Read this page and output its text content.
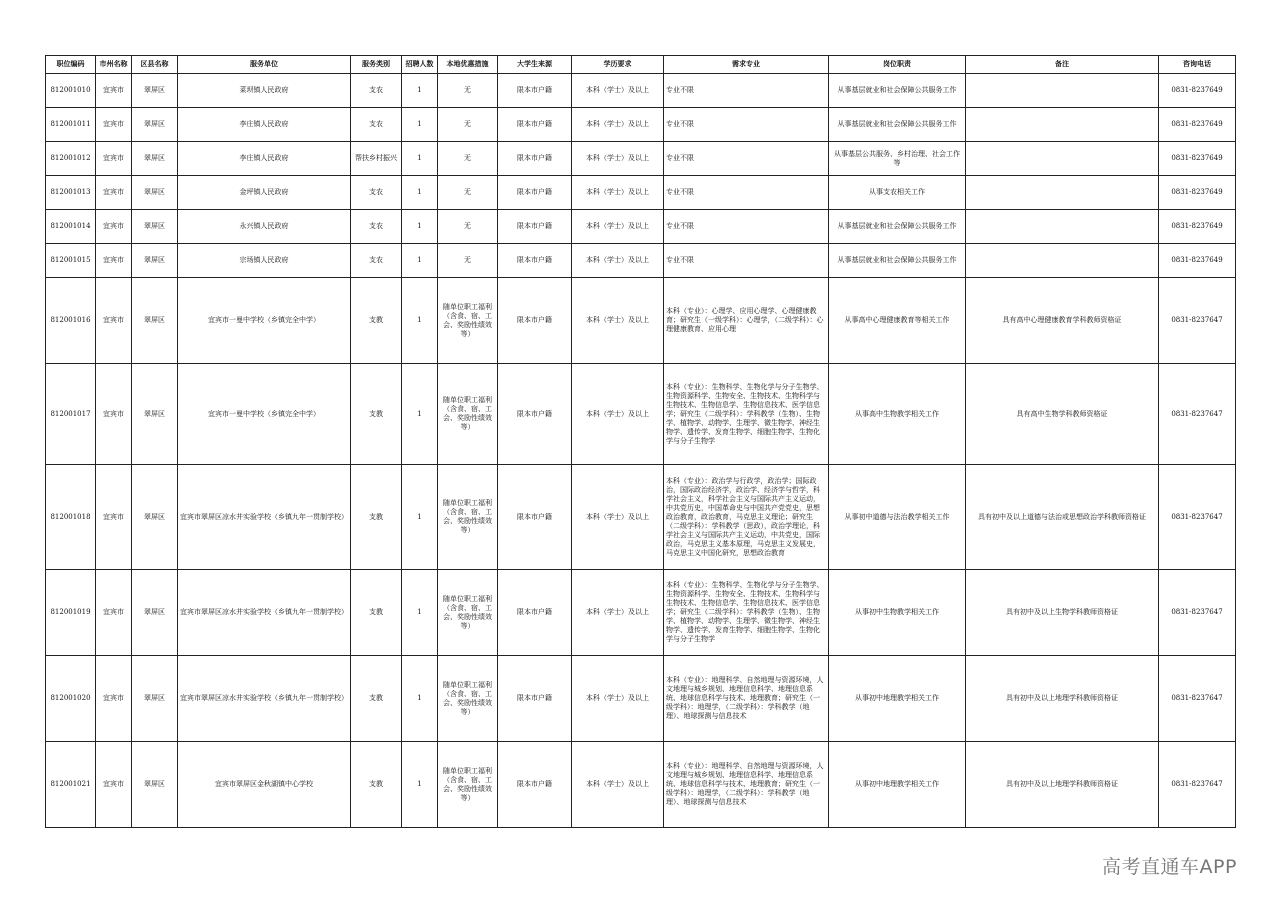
职位编码	市州名称	区县名称	服务单位	服务类别	招聘人数	本地优惠措施	大学生来源	学历要求	需求专业	岗位职责	备注	咨询电话
812001010	宜宾市	翠屏区	菜坝镇人民政府	支农	1	无	限本市户籍	本科（学士）及以上	专业不限	从事基层就业和社会保障公共服务工作		0831-8237649
812001011	宜宾市	翠屏区	李庄镇人民政府	支农	1	无	限本市户籍	本科（学士）及以上	专业不限	从事基层就业和社会保障公共服务工作		0831-8237649
812001012	宜宾市	翠屏区	李庄镇人民政府	帮扶乡村振兴	1	无	限本市户籍	本科（学士）及以上	专业不限	从事基层公共服务、乡村治理、社会工作等		0831-8237649
812001013	宜宾市	翠屏区	金坪镇人民政府	支农	1	无	限本市户籍	本科（学士）及以上	专业不限	从事支农相关工作		0831-8237649
812001014	宜宾市	翠屏区	永兴镇人民政府	支农	1	无	限本市户籍	本科（学士）及以上	专业不限	从事基层就业和社会保障公共服务工作		0831-8237649
812001015	宜宾市	翠屏区	宗场镇人民政府	支农	1	无	限本市户籍	本科（学士）及以上	专业不限	从事基层就业和社会保障公共服务工作		0831-8237649
812001016	宜宾市	翠屏区	宜宾市一曼中学校（乡镇完全中学）	支教	1	随单位职工福利（含食、宿、工会、奖励性绩效等）	限本市户籍	本科（学士）及以上	本科（专业）：心理学、应用心理学、心理健康教育；研究生（一级学科）：心理学，（二级学科）：心理健康教育、应用心理	从事高中心理健康教育等相关工作	具有高中心理健康教育学科教师资格证	0831-8237647
812001017	宜宾市	翠屏区	宜宾市一曼中学校（乡镇完全中学）	支教	1	随单位职工福利（含食、宿、工会、奖励性绩效等）	限本市户籍	本科（学士）及以上	本科（专业）：生物科学、生物化学与分子生物学、生物资源科学、生物安全、生物技术、生物科学与生物技术、生物信息学、生物信息技术、医学信息学；研究生（二级学科）：学科教学（生物）、生物学、植物学、动物学、生理学、微生物学、神经生物学、遗传学、发育生物学、细胞生物学、生物化学与分子生物学	从事高中生物教学相关工作	具有高中生物学科教师资格证	0831-8237647
812001018	宜宾市	翠屏区	宜宾市翠屏区凉水井实验学校（乡镇九年一贯制学校）	支教	1	随单位职工福利（含食、宿、工会、奖励性绩效等）	限本市户籍	本科（学士）及以上	本科（专业）：政治学与行政学，政治学；国际政治，国际政治经济学，政治学、经济学与哲学，科学社会主义，科学社会主义与国际共产主义运动，中共党历史，中国革命史与中国共产党党史，思想政治教育，政治教育，马克思主义理论；研究生（二级学科）：学科教学（思政），政治学理论，科学社会主义与国际共产主义运动，中共党史，国际政治，马克思主义基本原理，马克思主义发展史，马克思主义中国化研究，思想政治教育	从事初中道德与法治教学相关工作	具有初中及以上道德与法治或思想政治学科教师资格证	0831-8237647
812001019	宜宾市	翠屏区	宜宾市翠屏区凉水井实验学校（乡镇九年一贯制学校）	支教	1	随单位职工福利（含食、宿、工会、奖励性绩效等）	限本市户籍	本科（学士）及以上	本科（专业）：生物科学、生物化学与分子生物学、生物资源科学、生物安全、生物技术、生物科学与生物技术、生物信息学、生物信息技术、医学信息学；研究生（二级学科）：学科教学（生物）、生物学、植物学、动物学、生理学、微生物学、神经生物学、遗传学、发育生物学、细胞生物学、生物化学与分子生物学	从事初中生物教学相关工作	具有初中及以上生物学科教师资格证	0831-8237647
812001020	宜宾市	翠屏区	宜宾市翠屏区凉水井实验学校（乡镇九年一贯制学校）	支教	1	随单位职工福利（含食、宿、工会、奖励性绩效等）	限本市户籍	本科（学士）及以上	本科（专业）：地理科学、自然地理与资源环境，人文地理与城乡规划、地理信息科学、地理信息系统、地球信息科学与技术、地理教育；研究生（一级学科）：地理学，（二级学科）：学科教学（地理）、地球探测与信息技术	从事初中地理教学相关工作	具有初中及以上地理学科教师资格证	0831-8237647
812001021	宜宾市	翠屏区	宜宾市翠屏区金秋湖镇中心学校	支教	1	随单位职工福利（含食、宿、工会、奖励性绩效等）	限本市户籍	本科（学士）及以上	本科（专业）：地理科学、自然地理与资源环境，人文地理与城乡规划、地理信息科学、地理信息系统、地球信息科学与技术、地理教育；研究生（一级学科）：地理学，（二级学科）：学科教学（地理）、地球探测与信息技术	从事初中地理教学相关工作	具有初中及以上地理学科教师资格证	0831-8237647
高考直通车APP
